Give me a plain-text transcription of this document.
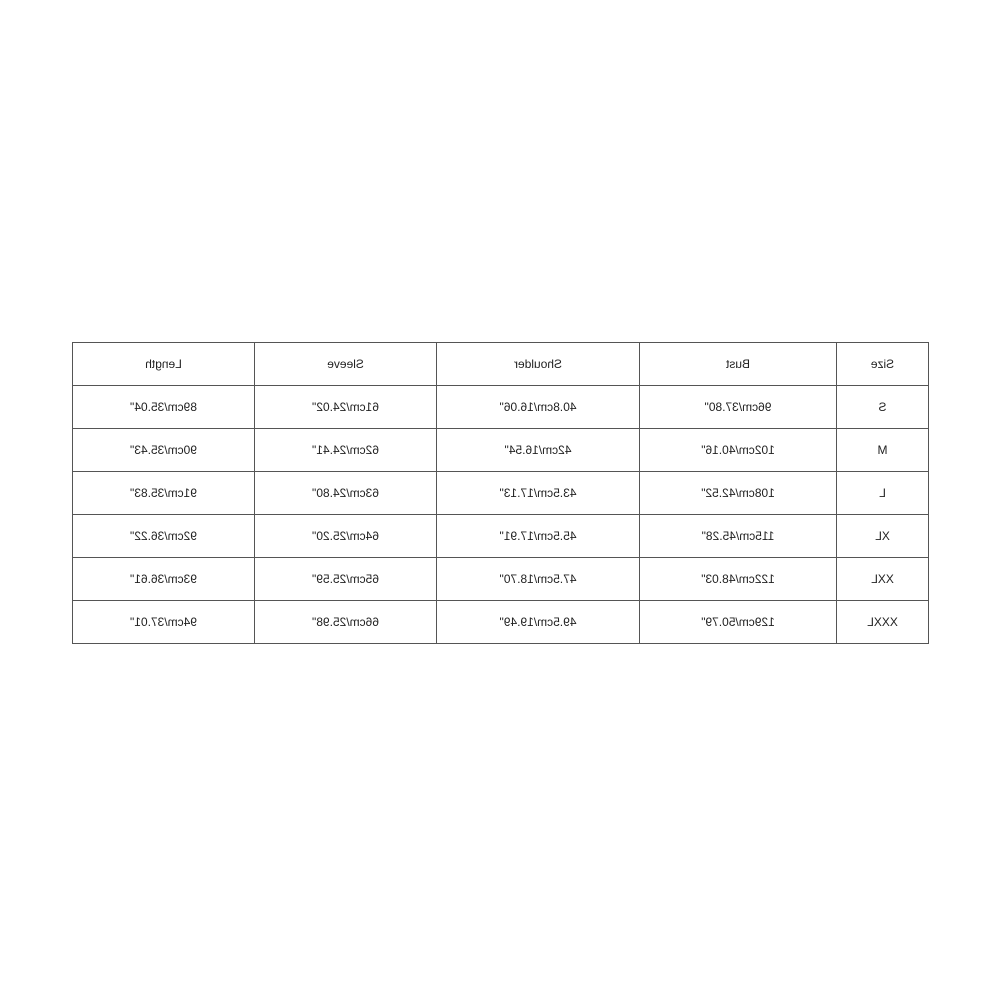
Size	Bust	Shoulder	Sleeve	Length
S	96cm/37.80"	40.8cm/16.06"	61cm/24.02"	89cm/35.04"
M	102cm/40.16"	42cm/16.54"	62cm/24.41"	90cm/35.43"
L	108cm/42.52"	43.5cm/17.13"	63cm/24.80"	91cm/35.83"
XL	115cm/45.28"	45.5cm/17.91"	64cm/25.20"	92cm/36.22"
XXL	122cm/48.03"	47.5cm/18.70"	65cm/25.59"	93cm/36.61"
XXXL	129cm/50.79"	49.5cm/19.49"	66cm/25.98"	94cm/37.01"
